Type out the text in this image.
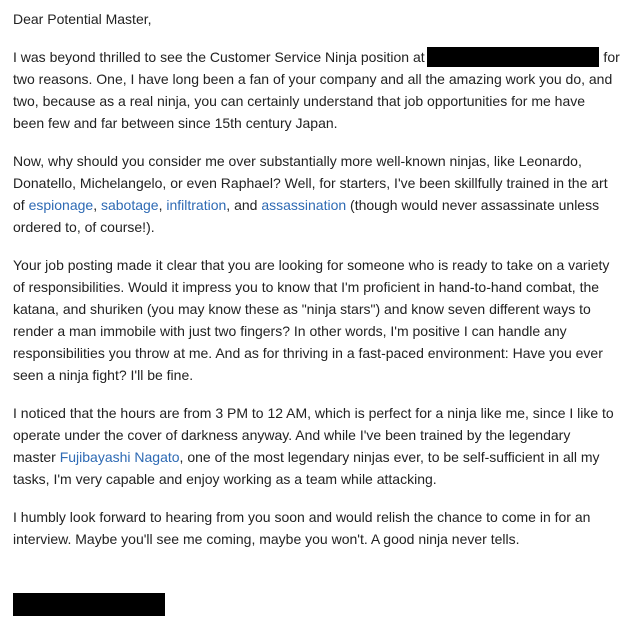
Dear Potential Master,
I was beyond thrilled to see the Customer Service Ninja position at	for
two reasons. One, I have long been a fan of your company and all the amazing work you do, and
two, because as a real ninja, you can certainly understand that job opportunities for me have
been few and far between since 15th century Japan.
Now, why should you consider me over substantially more well-known ninjas, like Leonardo,
Donatello, Michelangelo, or even Raphael? Well, for starters, I've been skillfully trained in the art
of espionage, sabotage, infiltration, and assassination (though would never assassinate unless
ordered to, of course!).
Your job posting made it clear that you are looking for someone who is ready to take on a variety
of responsibilities. Would it impress you to know that I'm proficient in hand-to-hand combat, the
katana, and shuriken (you may know these as "ninja stars") and know seven different ways to
render a man immobile with just two fingers? In other words, I'm positive I can handle any
responsibilities you throw at me. And as for thriving in a fast-paced environment: Have you ever
seen a ninja fight? I'll be fine.
I noticed that the hours are from 3 PM to 12 AM, which is perfect for a ninja like me, since I like to
operate under the cover of darkness anyway. And while I've been trained by the legendary
master Fujibayashi Nagato, one of the most legendary ninjas ever, to be self-sufficient in all my
tasks, I'm very capable and enjoy working as a team while attacking.
I humbly look forward to hearing from you soon and would relish the chance to come in for an
interview. Maybe you'll see me coming, maybe you won't. A good ninja never tells.
